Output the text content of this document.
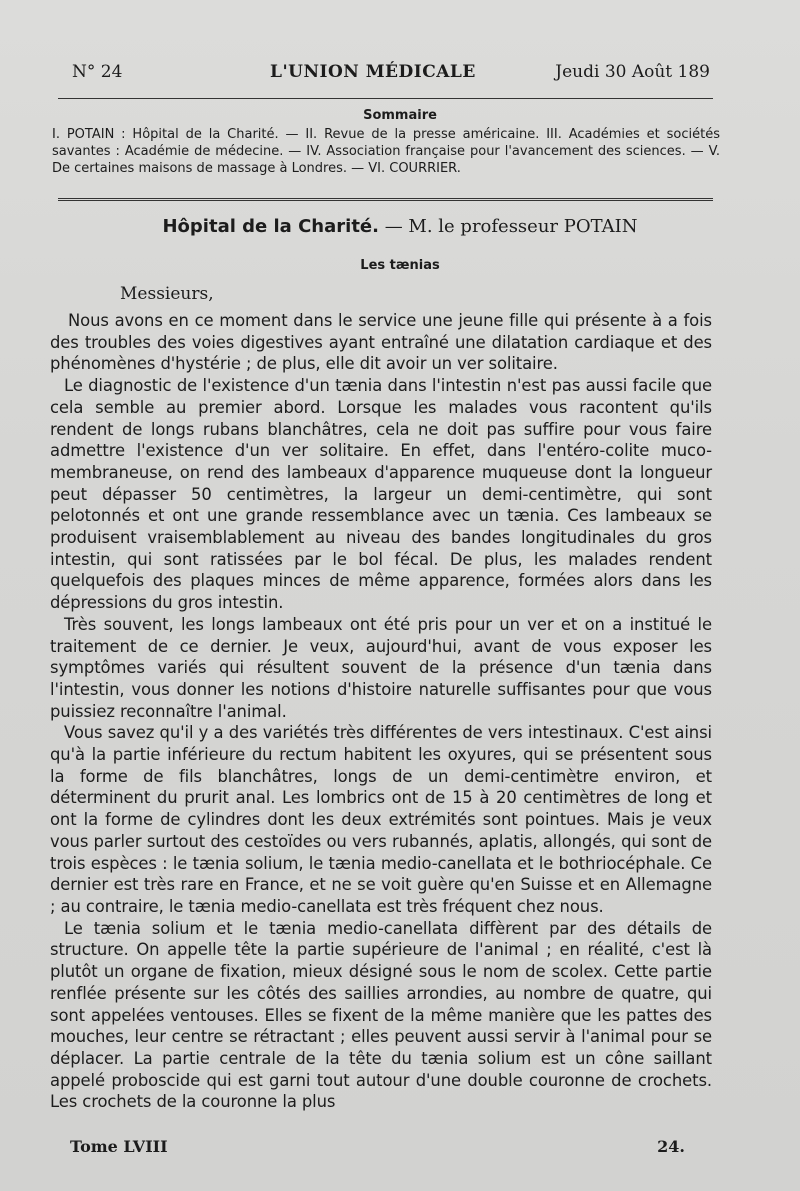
N° 24	L'UNION MÉDICALE	Jeudi 30 Août 189
Sommaire
I. POTAIN : Hôpital de la Charité. — II. Revue de la presse américaine. III. Académies et sociétés savantes : Académie de médecine. — IV. Association française pour l'avancement des sciences. — V. De certaines maisons de massage à Londres. — VI. COURRIER.
Hôpital de la Charité. — M. le professeur POTAIN
Les tænias
Messieurs,

Nous avons en ce moment dans le service une jeune fille qui présente à a fois des troubles des voies digestives ayant entraîné une dilatation cardiaque et des phénomènes d'hystérie ; de plus, elle dit avoir un ver solitaire.

Le diagnostic de l'existence d'un tænia dans l'intestin n'est pas aussi facile que cela semble au premier abord. Lorsque les malades vous racontent qu'ils rendent de longs rubans blanchâtres, cela ne doit pas suffire pour vous faire admettre l'existence d'un ver solitaire. En effet, dans l'entéro-colite muco-membraneuse, on rend des lambeaux d'apparence muqueuse dont la longueur peut dépasser 50 centimètres, la largeur un demi-centimètre, qui sont pelotonnés et ont une grande ressemblance avec un tænia. Ces lambeaux se produisent vraisemblablement au niveau des bandes longitudinales du gros intestin, qui sont ratissées par le bol fécal. De plus, les malades rendent quelquefois des plaques minces de même apparence, formées alors dans les dépressions du gros intestin.

Très souvent, les longs lambeaux ont été pris pour un ver et on a institué le traitement de ce dernier. Je veux, aujourd'hui, avant de vous exposer les symptômes variés qui résultent souvent de la présence d'un tænia dans l'intestin, vous donner les notions d'histoire naturelle suffisantes pour que vous puissiez reconnaître l'animal.

Vous savez qu'il y a des variétés très différentes de vers intestinaux. C'est ainsi qu'à la partie inférieure du rectum habitent les oxyures, qui se présentent sous la forme de fils blanchâtres, longs de un demi-centimètre environ, et déterminent du prurit anal. Les lombrics ont de 15 à 20 centimètres de long et ont la forme de cylindres dont les deux extrémités sont pointues. Mais je veux vous parler surtout des cestoïdes ou vers rubannés, aplatis, allongés, qui sont de trois espèces : le tænia solium, le tænia medio-canellata et le bothriocéphale. Ce dernier est très rare en France, et ne se voit guère qu'en Suisse et en Allemagne ; au contraire, le tænia medio-canellata est très fréquent chez nous.

Le tænia solium et le tænia medio-canellata diffèrent par des détails de structure. On appelle tête la partie supérieure de l'animal ; en réalité, c'est là plutôt un organe de fixation, mieux désigné sous le nom de scolex. Cette partie renflée présente sur les côtés des saillies arrondies, au nombre de quatre, qui sont appelées ventouses. Elles se fixent de la même manière que les pattes des mouches, leur centre se rétractant ; elles peuvent aussi servir à l'animal pour se déplacer. La partie centrale de la tête du tænia solium est un cône saillant appelé proboscide qui est garni tout autour d'une double couronne de crochets. Les crochets de la couronne la plus

Tome LVIII	24.
